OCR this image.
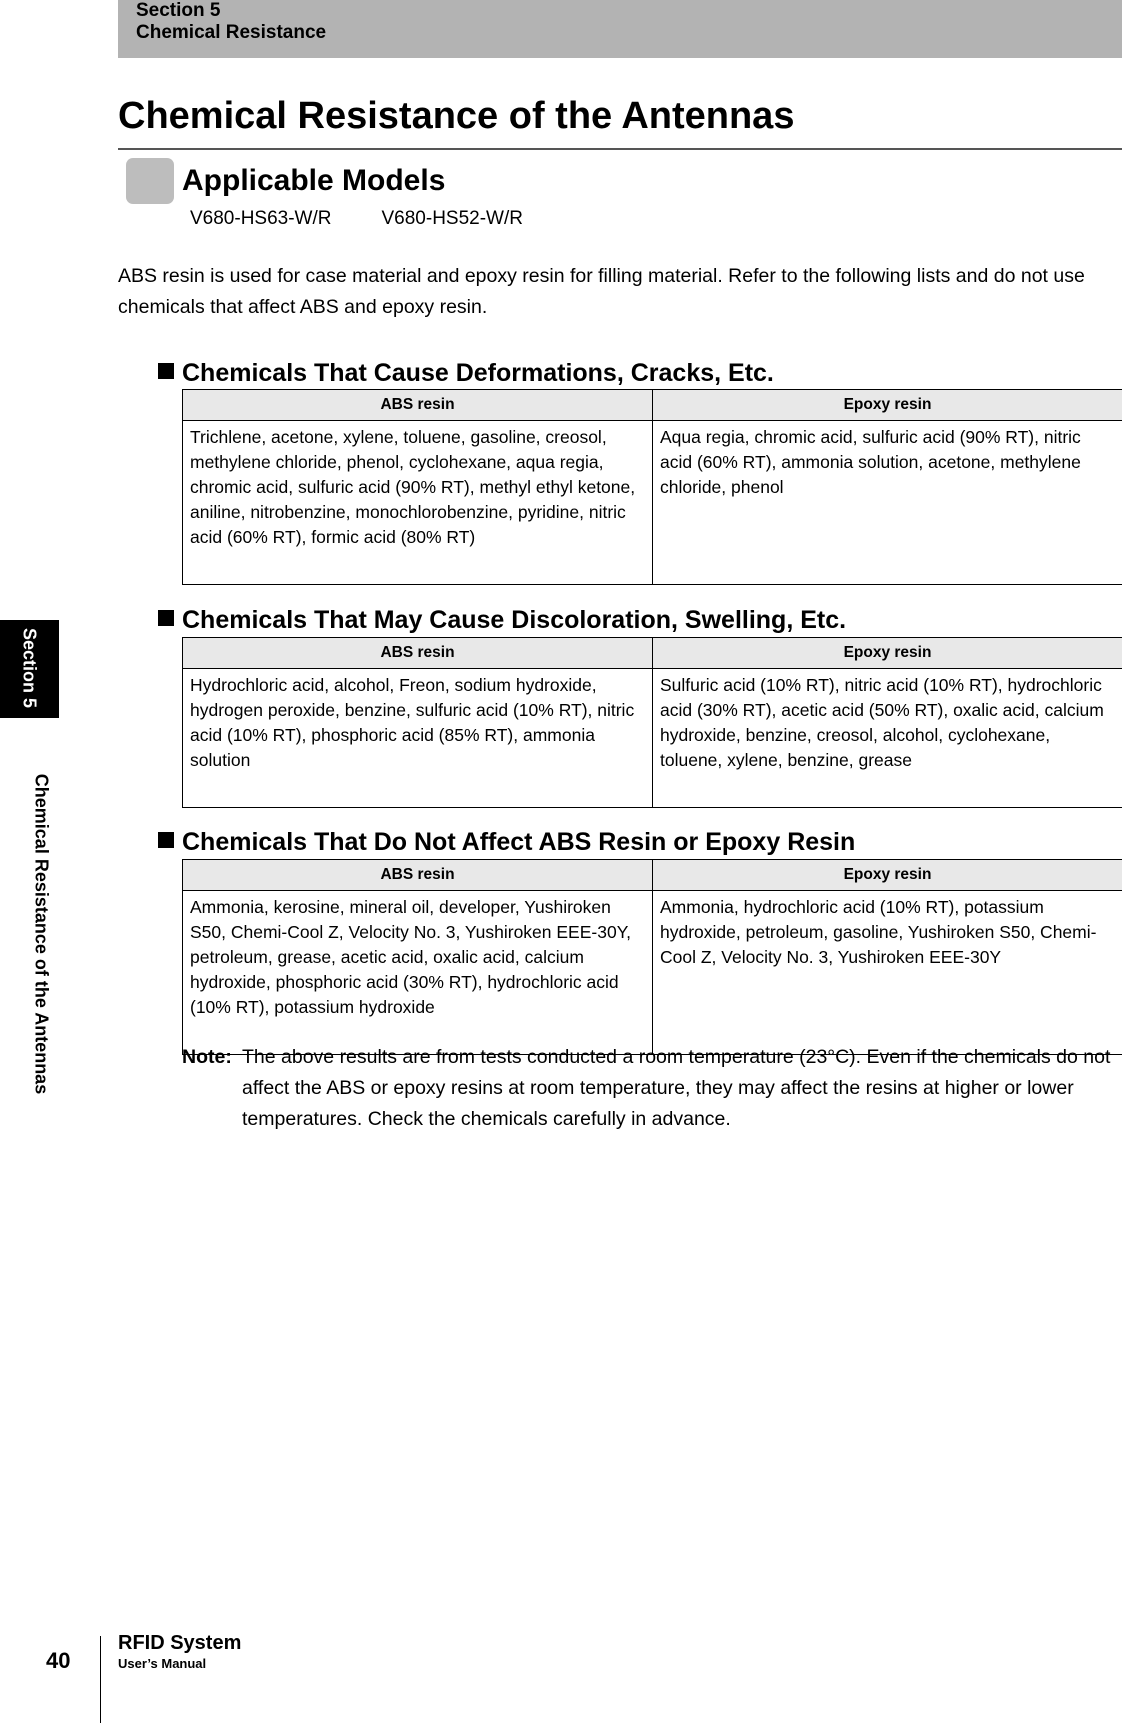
Section 5
Chemical Resistance
Chemical Resistance of the Antennas
Applicable Models
V680-HS63-W/R	V680-HS52-W/R
ABS resin is used for case material and epoxy resin for filling material. Refer to the following lists and do not use chemicals that affect ABS and epoxy resin.
Chemicals That Cause Deformations, Cracks, Etc.
ABS resin	Epoxy resin
Trichlene, acetone, xylene, toluene, gasoline, creosol, methylene chloride, phenol, cyclohexane, aqua regia, chromic acid, sulfuric acid (90% RT), methyl ethyl ketone, aniline, nitrobenzine, monochlorobenzine, pyridine, nitric acid (60% RT), formic acid (80% RT)	Aqua regia, chromic acid, sulfuric acid (90% RT), nitric acid (60% RT), ammonia solution, acetone, methylene chloride, phenol
Chemicals That May Cause Discoloration, Swelling, Etc.
ABS resin	Epoxy resin
Hydrochloric acid, alcohol, Freon, sodium hydroxide, hydrogen peroxide, benzine, sulfuric acid (10% RT), nitric acid (10% RT), phosphoric acid (85% RT), ammonia solution	Sulfuric acid (10% RT), nitric acid (10% RT), hydrochloric acid (30% RT), acetic acid (50% RT), oxalic acid, calcium hydroxide, benzine, creosol, alcohol, cyclohexane, toluene, xylene, benzine, grease
Chemicals That Do Not Affect ABS Resin or Epoxy Resin
ABS resin	Epoxy resin
Ammonia, kerosine, mineral oil, developer, Yushiroken S50, Chemi-Cool Z, Velocity No. 3, Yushiroken EEE-30Y, petroleum, grease, acetic acid, oxalic acid, calcium hydroxide, phosphoric acid (30% RT), hydrochloric acid (10% RT), potassium hydroxide	Ammonia, hydrochloric acid (10% RT), potassium hydroxide, petroleum, gasoline, Yushiroken S50, Chemi-Cool Z, Velocity No. 3, Yushiroken EEE-30Y
Note: The above results are from tests conducted a room temperature (23°C). Even if the chemicals do not affect the ABS or epoxy resins at room temperature, they may affect the resins at higher or lower temperatures. Check the chemicals carefully in advance.
Section 5
Chemical Resistance of the Antennas
40
RFID System
User’s Manual
